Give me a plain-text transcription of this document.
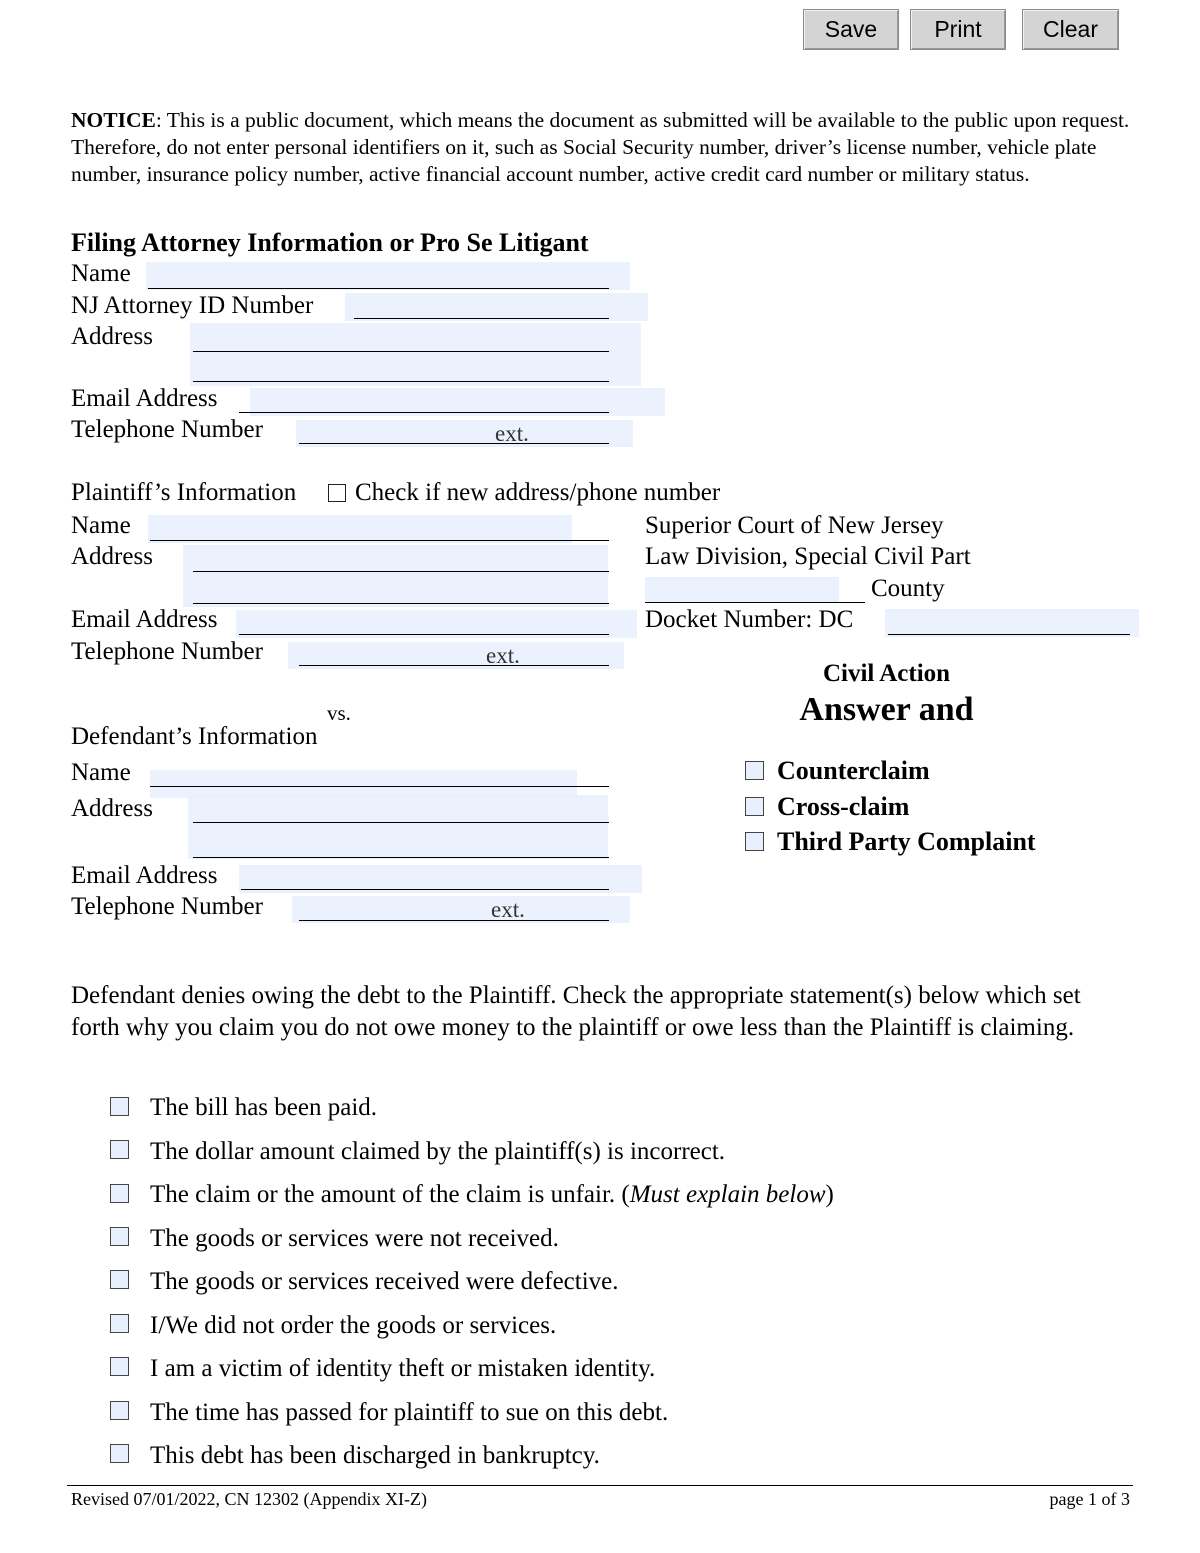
Save	Print	Clear
NOTICE: This is a public document, which means the document as submitted will be available to the public upon request. Therefore, do not enter personal identifiers on it, such as Social Security number, driver’s license number, vehicle plate number, insurance policy number, active financial account number, active credit card number or military status.
Filing Attorney Information or Pro Se Litigant
Name
NJ Attorney ID Number
Address
Email Address
Telephone Number	ext.
Plaintiff’s Information Check if new address/phone number
Name
Address
Email Address
Telephone Number	ext.
Superior Court of New Jersey
Law Division, Special Civil Part
County
Docket Number: DC
Civil Action
Answer and
Counterclaim
Cross-claim
Third Party Complaint
vs.
Defendant’s Information
Name
Address
Email Address
Telephone Number	ext.
Defendant denies owing the debt to the Plaintiff. Check the appropriate statement(s) below which set forth why you claim you do not owe money to the plaintiff or owe less than the Plaintiff is claiming.
The bill has been paid.
The dollar amount claimed by the plaintiff(s) is incorrect.
The claim or the amount of the claim is unfair. (Must explain below)
The goods or services were not received.
The goods or services received were defective.
I/We did not order the goods or services.
I am a victim of identity theft or mistaken identity.
The time has passed for plaintiff to sue on this debt.
This debt has been discharged in bankruptcy.
Revised 07/01/2022, CN 12302 (Appendix XI-Z)	page 1 of 3
